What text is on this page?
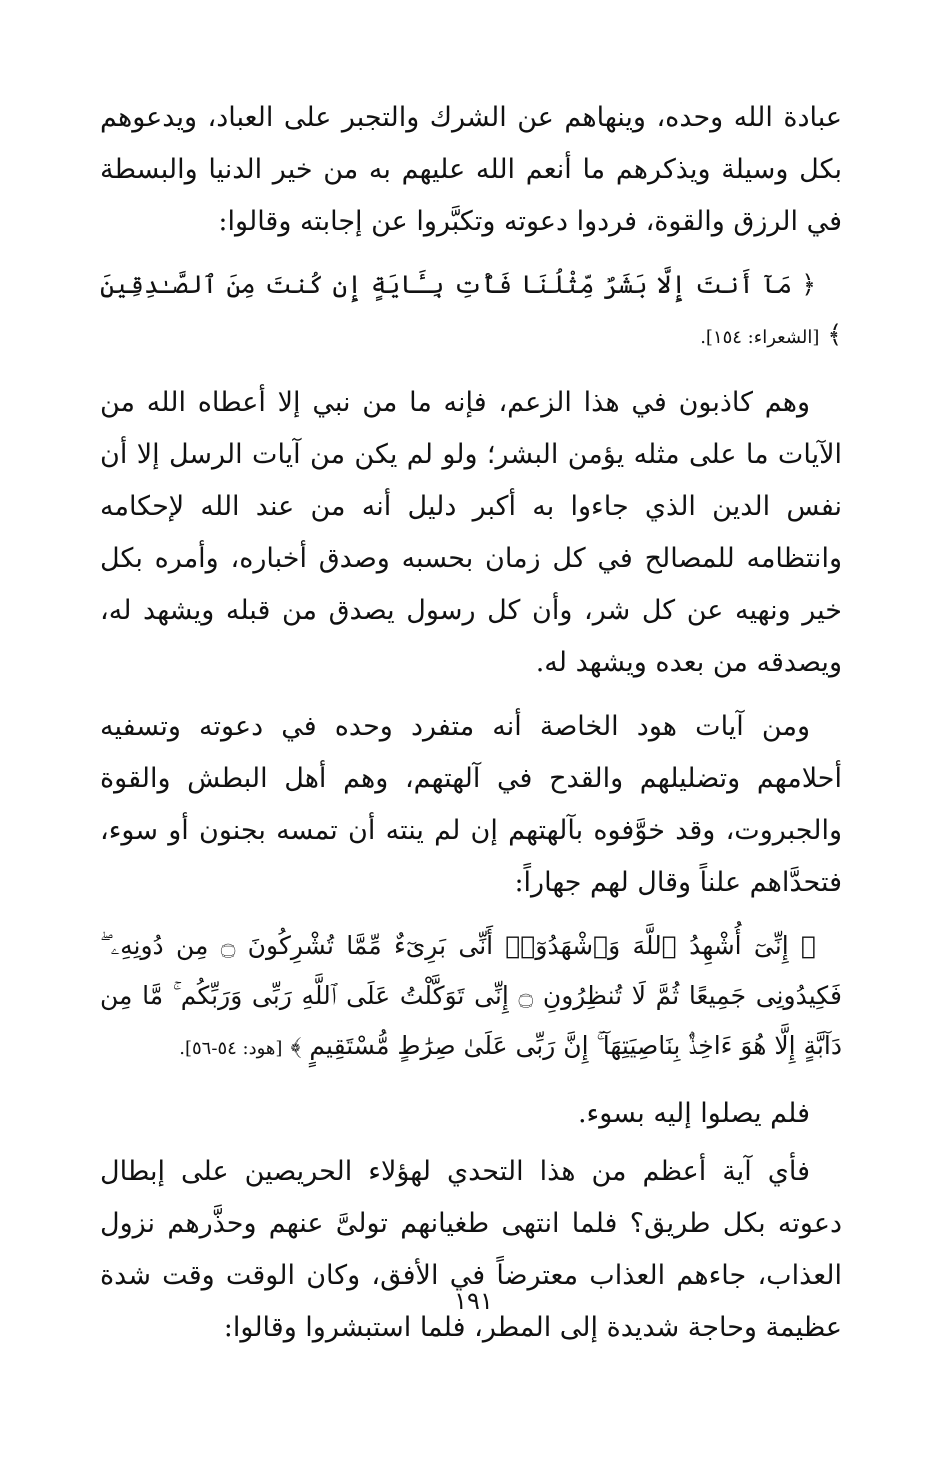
عبادة الله وحده، وينهاهم عن الشرك والتجبر على العباد، ويدعوهم بكل وسيلة ويذكرهم ما أنعم الله عليهم به من خير الدنيا والبسطة في الرزق والقوة، فردوا دعوته وتكبَّروا عن إجابته وقالوا:

﴿ مَآ أَنتَ إِلَّا بَشَرٌ مِّثْلُنَا فَأْتِ بِـَٔايَةٍ إِن كُنتَ مِنَ ٱلصَّـٰدِقِينَ ﴾ [الشعراء: ١٥٤].

وهم كاذبون في هذا الزعم، فإنه ما من نبي إلا أعطاه الله من الآيات ما على مثله يؤمن البشر؛ ولو لم يكن من آيات الرسل إلا أن نفس الدين الذي جاءوا به أكبر دليل أنه من عند الله لإحكامه وانتظامه للمصالح في كل زمان بحسبه وصدق أخباره، وأمره بكل خير ونهيه عن كل شر، وأن كل رسول يصدق من قبله ويشهد له، ويصدقه من بعده ويشهد له.

ومن آيات هود الخاصة أنه متفرد وحده في دعوته وتسفيه أحلامهم وتضليلهم والقدح في آلهتهم، وهم أهل البطش والقوة والجبروت، وقد خوَّفوه بآلهتهم إن لم ينته أن تمسه بجنون أو سوء، فتحدَّاهم علناً وقال لهم جهاراً:

﴿ إِنِّىٓ أُشْهِدُ ٱللَّهَ وَٱشْهَدُوٓا۟ أَنِّى بَرِىٓءٌ مِّمَّا تُشْرِكُونَ ۝ مِن دُونِهِۦ ۖ فَكِيدُونِى جَمِيعًا ثُمَّ لَا تُنظِرُونِ ۝ إِنِّى تَوَكَّلْتُ عَلَى ٱللَّهِ رَبِّى وَرَبِّكُم ۚ مَّا مِن دَآبَّةٍ إِلَّا هُوَ ءَاخِذٌۢ بِنَاصِيَتِهَآ ۚ إِنَّ رَبِّى عَلَىٰ صِرَٰطٍ مُّسْتَقِيمٍ ﴾ [هود: ٥٤-٥٦].

فلم يصلوا إليه بسوء.

فأي آية أعظم من هذا التحدي لهؤلاء الحريصين على إبطال دعوته بكل طريق؟ فلما انتهى طغيانهم تولىَّ عنهم وحذَّرهم نزول العذاب، جاءهم العذاب معترضاً في الأفق، وكان الوقت وقت شدة عظيمة وحاجة شديدة إلى المطر، فلما استبشروا وقالوا:

١٩١
